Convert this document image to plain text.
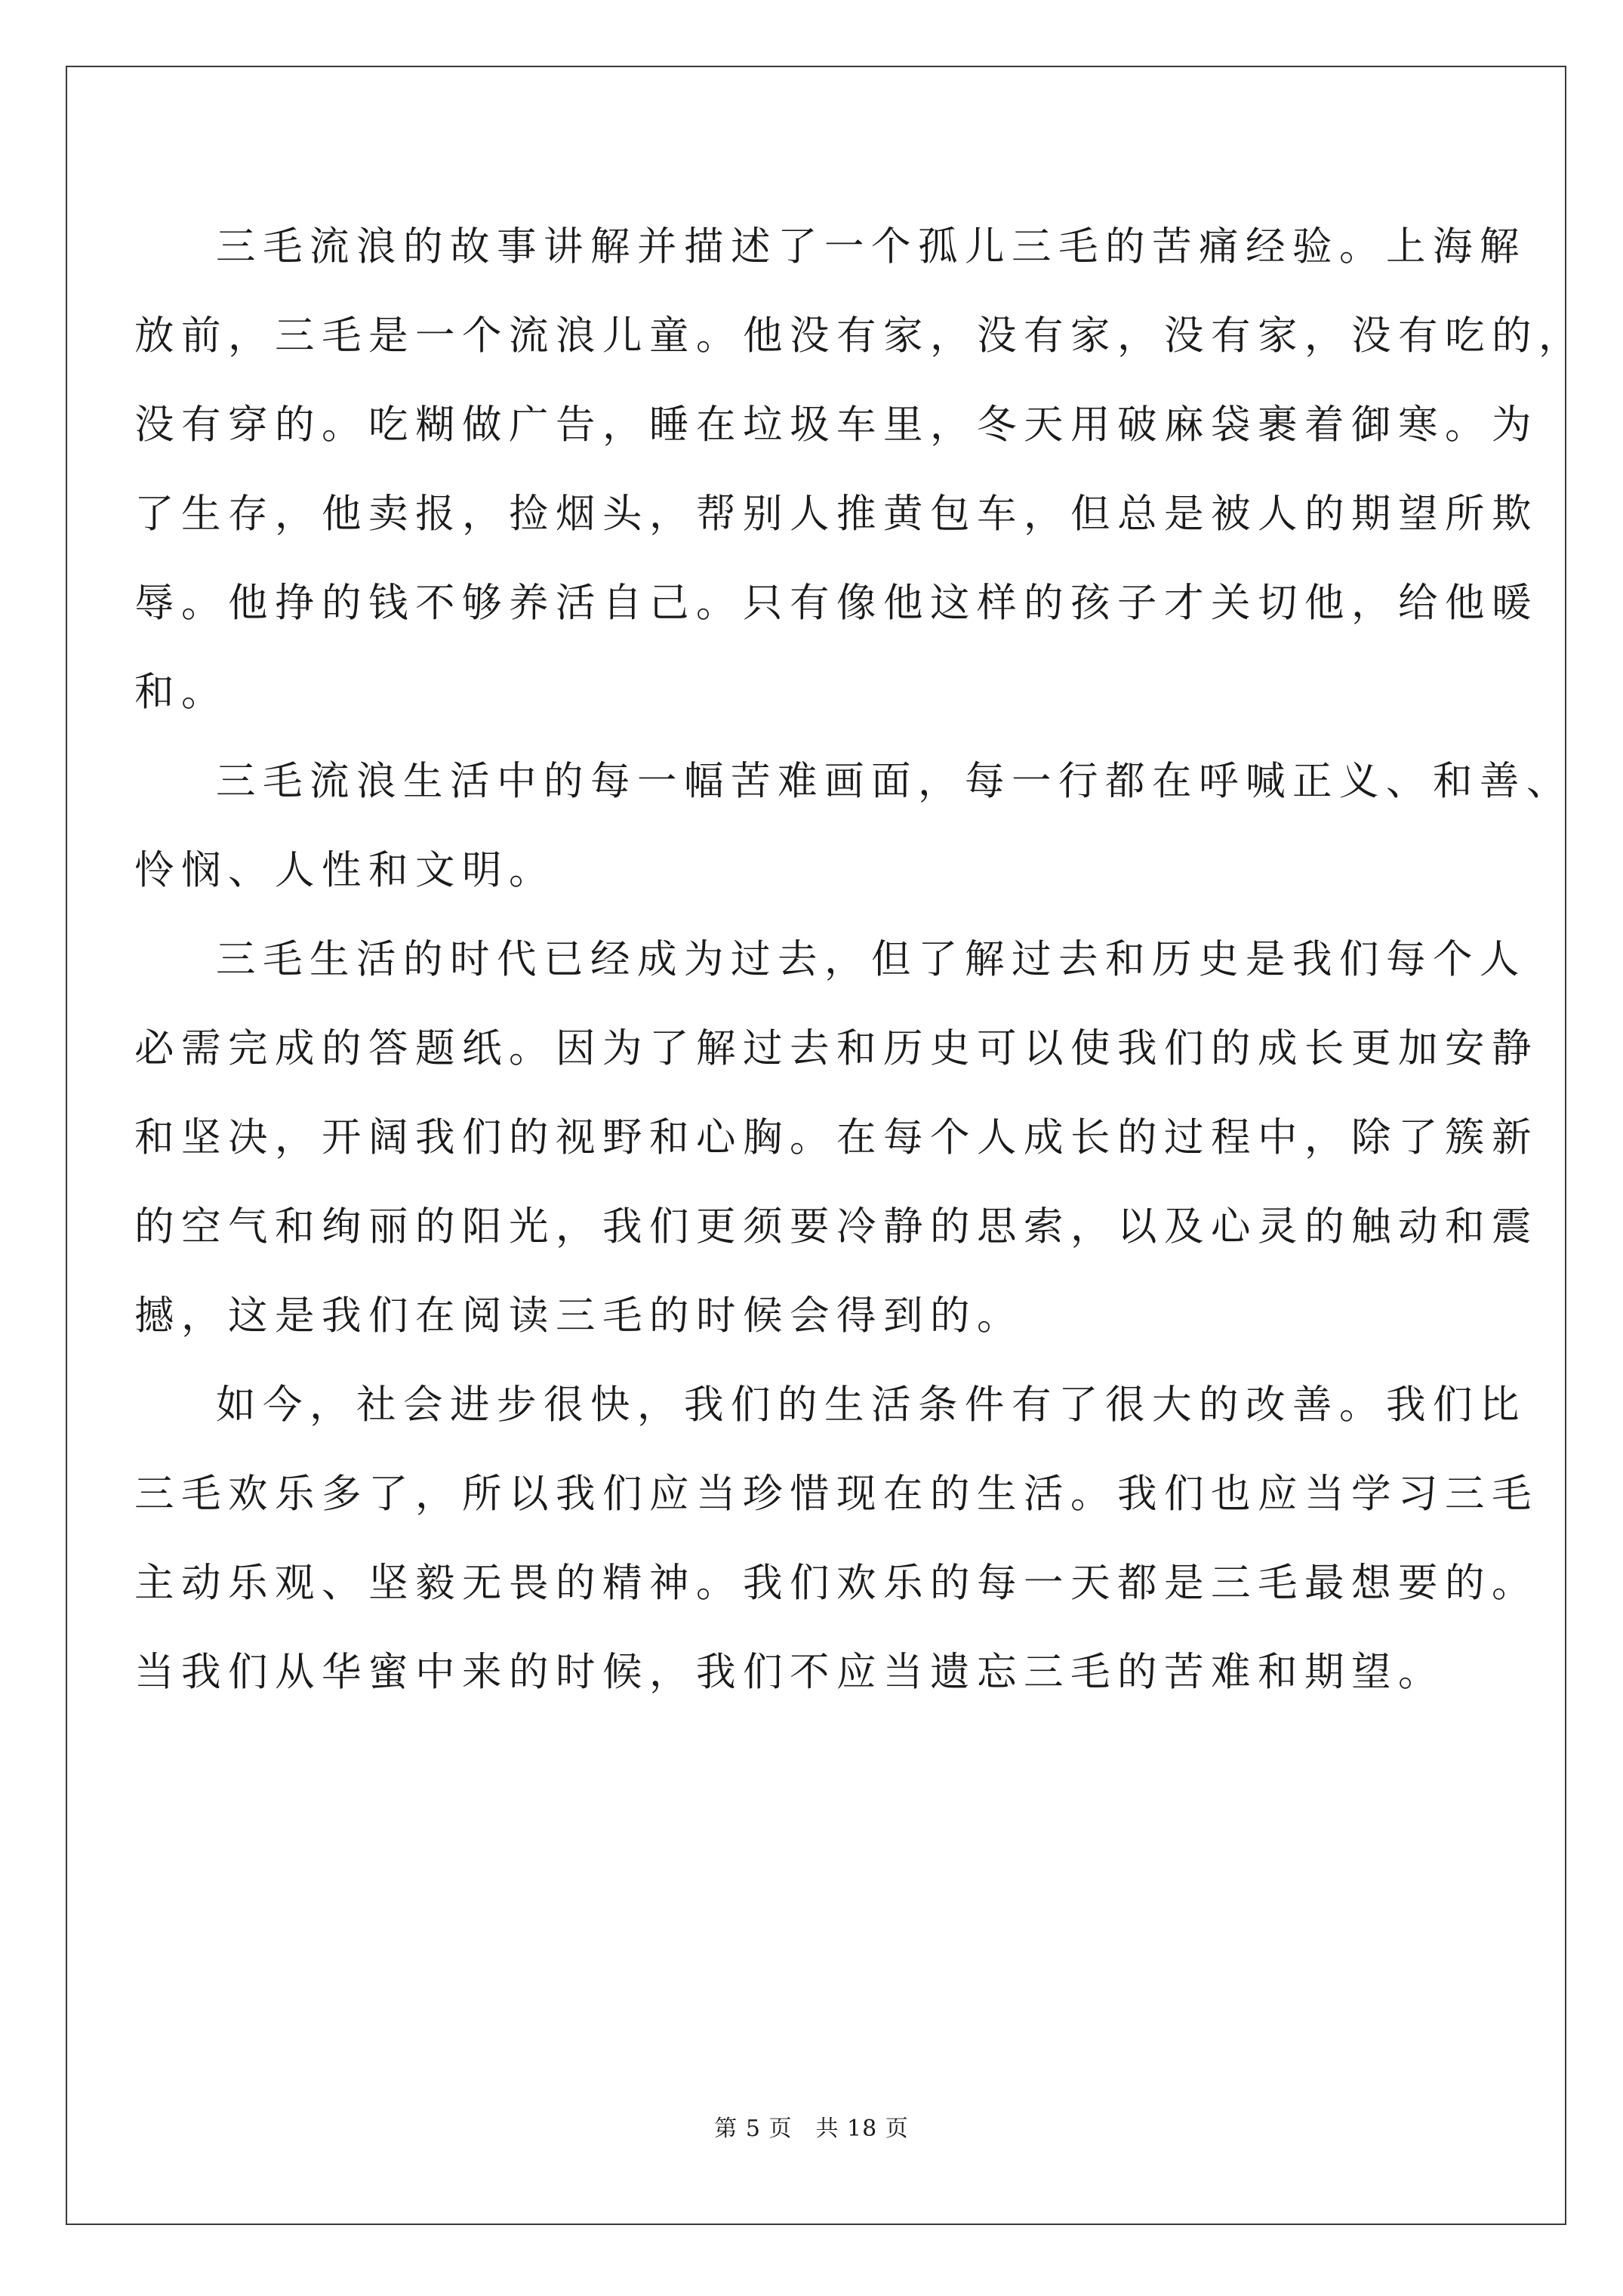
三毛流浪的故事讲解并描述了一个孤儿三毛的苦痛经验。上海解

放前，三毛是一个流浪儿童。他没有家，没有家，没有家，没有吃的，

没有穿的。吃糊做广告，睡在垃圾车里，冬天用破麻袋裹着御寒。为

了生存，他卖报，捡烟头，帮别人推黄包车，但总是被人的期望所欺

辱。他挣的钱不够养活自己。只有像他这样的孩子才关切他，给他暖

和。

三毛流浪生活中的每一幅苦难画面，每一行都在呼喊正义、和善、

怜悯、人性和文明。

三毛生活的时代已经成为过去，但了解过去和历史是我们每个人

必需完成的答题纸。因为了解过去和历史可以使我们的成长更加安静

和坚决，开阔我们的视野和心胸。在每个人成长的过程中，除了簇新

的空气和绚丽的阳光，我们更须要冷静的思索，以及心灵的触动和震

撼，这是我们在阅读三毛的时候会得到的。

如今，社会进步很快，我们的生活条件有了很大的改善。我们比

三毛欢乐多了，所以我们应当珍惜现在的生活。我们也应当学习三毛

主动乐观、坚毅无畏的精神。我们欢乐的每一天都是三毛最想要的。

当我们从华蜜中来的时候，我们不应当遗忘三毛的苦难和期望。

第 5 页　共 18 页
